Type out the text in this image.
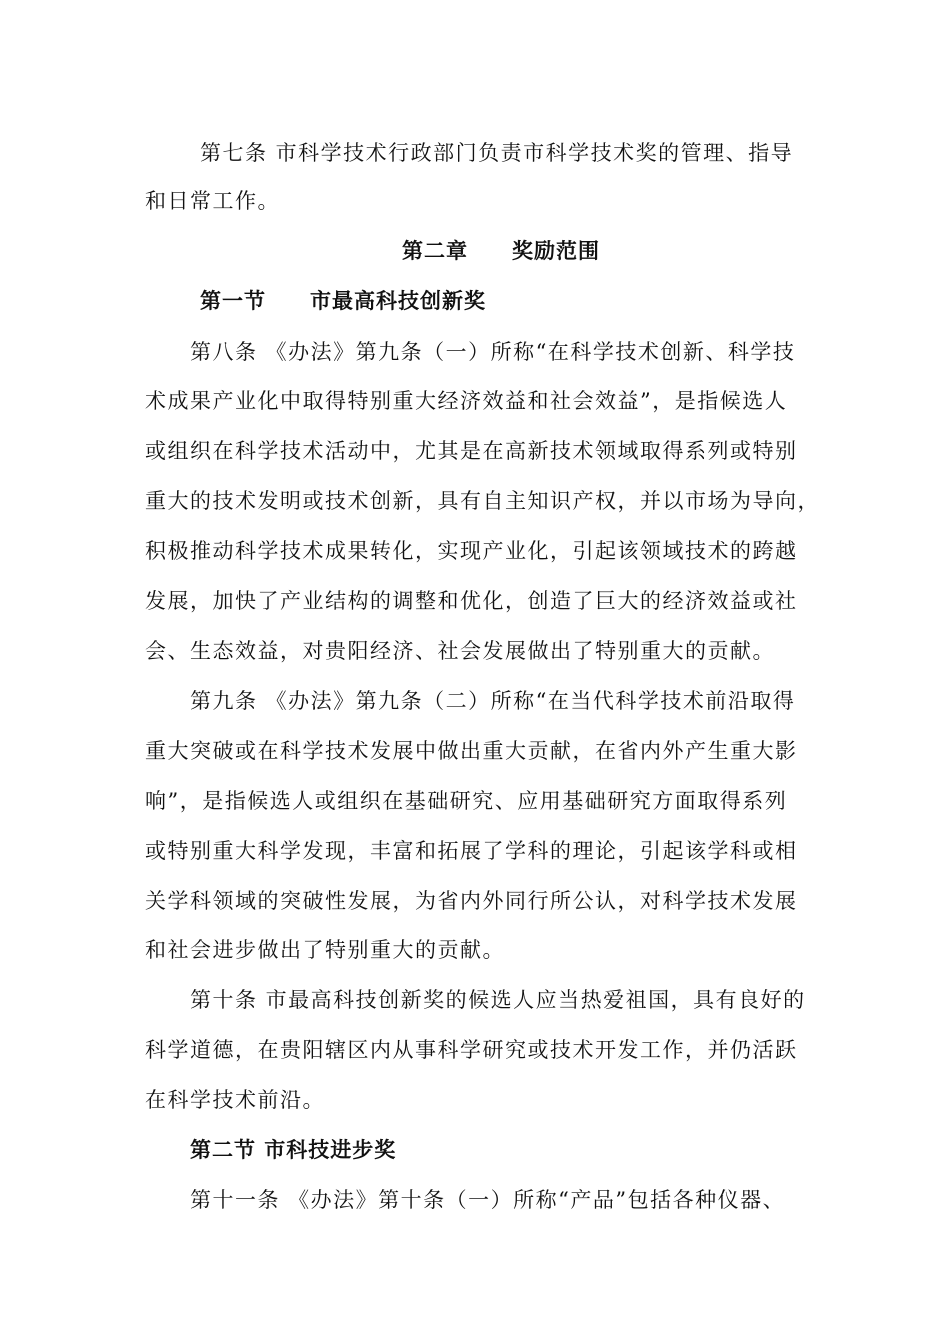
第七条 市科学技术行政部门负责市科学技术奖的管理、指导
和日常工作。
第二章　　奖励范围
第一节　　市最高科技创新奖
第八条 《办法》第九条（一）所称“在科学技术创新、科学技
术成果产业化中取得特别重大经济效益和社会效益”，是指候选人
或组织在科学技术活动中，尤其是在高新技术领域取得系列或特别
重大的技术发明或技术创新，具有自主知识产权，并以市场为导向，
积极推动科学技术成果转化，实现产业化，引起该领域技术的跨越
发展，加快了产业结构的调整和优化，创造了巨大的经济效益或社
会、生态效益，对贵阳经济、社会发展做出了特别重大的贡献。
第九条 《办法》第九条（二）所称“在当代科学技术前沿取得
重大突破或在科学技术发展中做出重大贡献，在省内外产生重大影
响”，是指候选人或组织在基础研究、应用基础研究方面取得系列
或特别重大科学发现，丰富和拓展了学科的理论，引起该学科或相
关学科领域的突破性发展，为省内外同行所公认，对科学技术发展
和社会进步做出了特别重大的贡献。
第十条 市最高科技创新奖的候选人应当热爱祖国，具有良好的
科学道德，在贵阳辖区内从事科学研究或技术开发工作，并仍活跃
在科学技术前沿。
第二节 市科技进步奖
第十一条 《办法》第十条（一）所称“产品”包括各种仪器、
